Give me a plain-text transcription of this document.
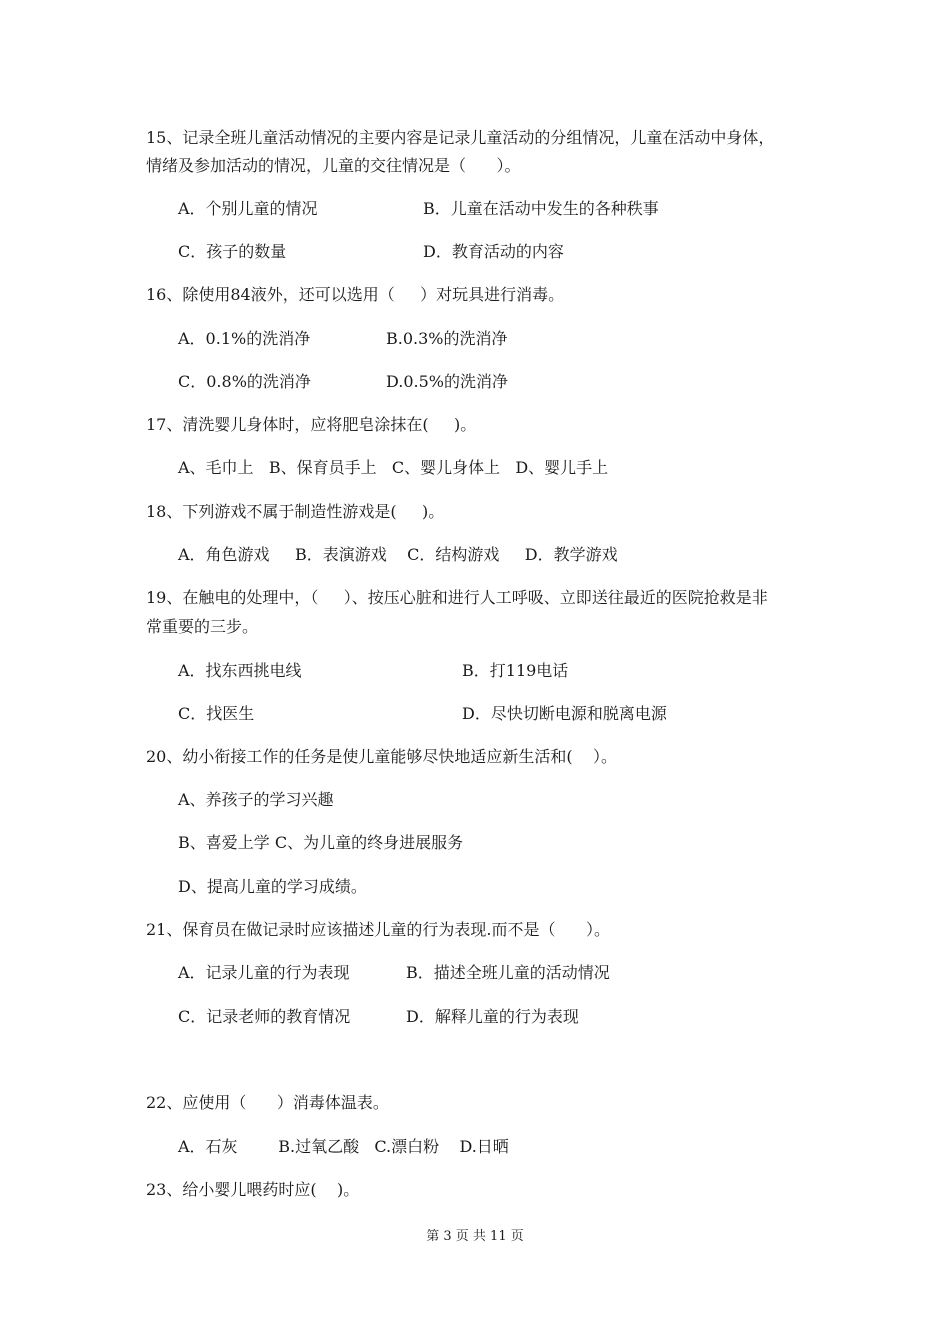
15、记录全班儿童活动情况的主要内容是记录儿童活动的分组情况，儿童在活动中身体，
情绪及参加活动的情况，儿童的交往情况是（      ）。
A．个别儿童的情况	B．儿童在活动中发生的各种秩事
C．孩子的数量	D．教育活动的内容
16、除使用84液外，还可以选用（     ）对玩具进行消毒。
A．0.1%的洗消净	B.0.3%的洗消净
C．0.8%的洗消净	D.0.5%的洗消净
17、清洗婴儿身体时，应将肥皂涂抹在(     )。
A、毛巾上   B、保育员手上   C、婴儿身体上   D、婴儿手上
18、下列游戏不属于制造性游戏是(     )。
A．角色游戏     B．表演游戏    C．结构游戏     D．教学游戏
19、在触电的处理中，（     ）、按压心脏和进行人工呼吸、立即送往最近的医院抢救是非
常重要的三步。
A．找东西挑电线	B．打119电话
C．找医生	D．尽快切断电源和脱离电源
20、幼小衔接工作的任务是使儿童能够尽快地适应新生活和(    ）。
A、养孩子的学习兴趣
B、喜爱上学 C、为儿童的终身进展服务
D、提高儿童的学习成绩。
21、保育员在做记录时应该描述儿童的行为表现.而不是（      ）。
A．记录儿童的行为表现	B．描述全班儿童的活动情况
C．记录老师的教育情况	D．解释儿童的行为表现
22、应使用（      ）消毒体温表。
A．石灰        B.过氧乙酸   C.漂白粉    D.日晒
23、给小婴儿喂药时应(    )。
第 3 页 共 11 页
